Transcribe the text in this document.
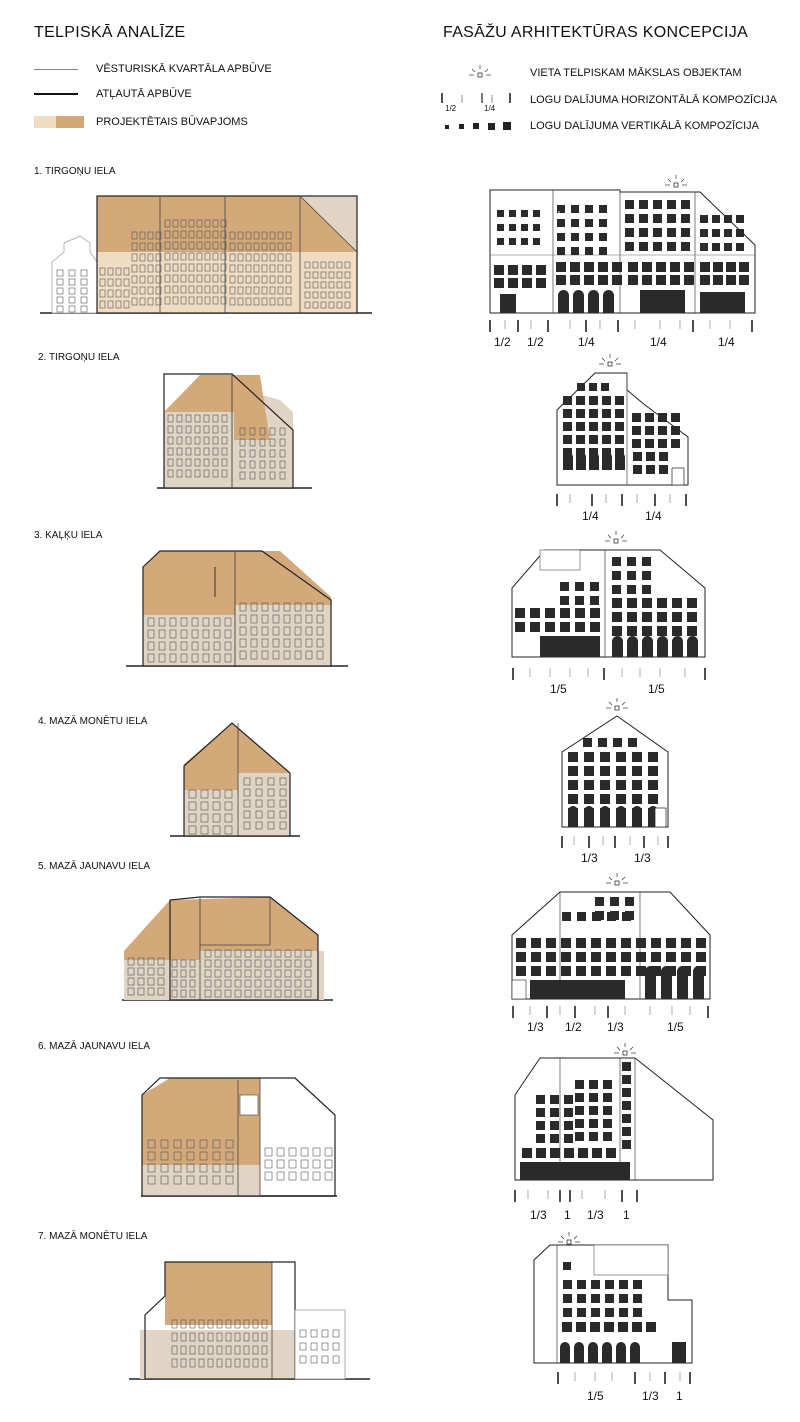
TELPISKĀ ANALĪZE	FASĀŽU ARHITEKTŪRAS KONCEPCIJA
VĒSTURISKĀ KVARTĀLA APBŪVE
ATĻAUTĀ APBŪVE
PROJEKTĒTAIS BŪVAPJOMS
VIETA TELPISKAM MĀKSLAS OBJEKTAM
1/2	1/4
LOGU DALĪJUMA HORIZONTĀLĀ KOMPOZĪCIJA
LOGU DALĪJUMA VERTIKĀLĀ KOMPOZĪCIJA
1. TIRGOŅU IELA
2. TIRGOŅU IELA
3. KAĻĶU IELA
4. MAZĀ MONĒTU IELA
5. MAZĀ JAUNAVU IELA
6. MAZĀ JAUNAVU IELA
7. MAZĀ MONĒTU IELA
1/2 1/2	1/4	1/4	1/4
1/4	1/4
1/5	1/5
1/3	1/3
1/3 1/2 1/3	1/5
1/3 1 1/3 1
1/5	1/3 1
H
